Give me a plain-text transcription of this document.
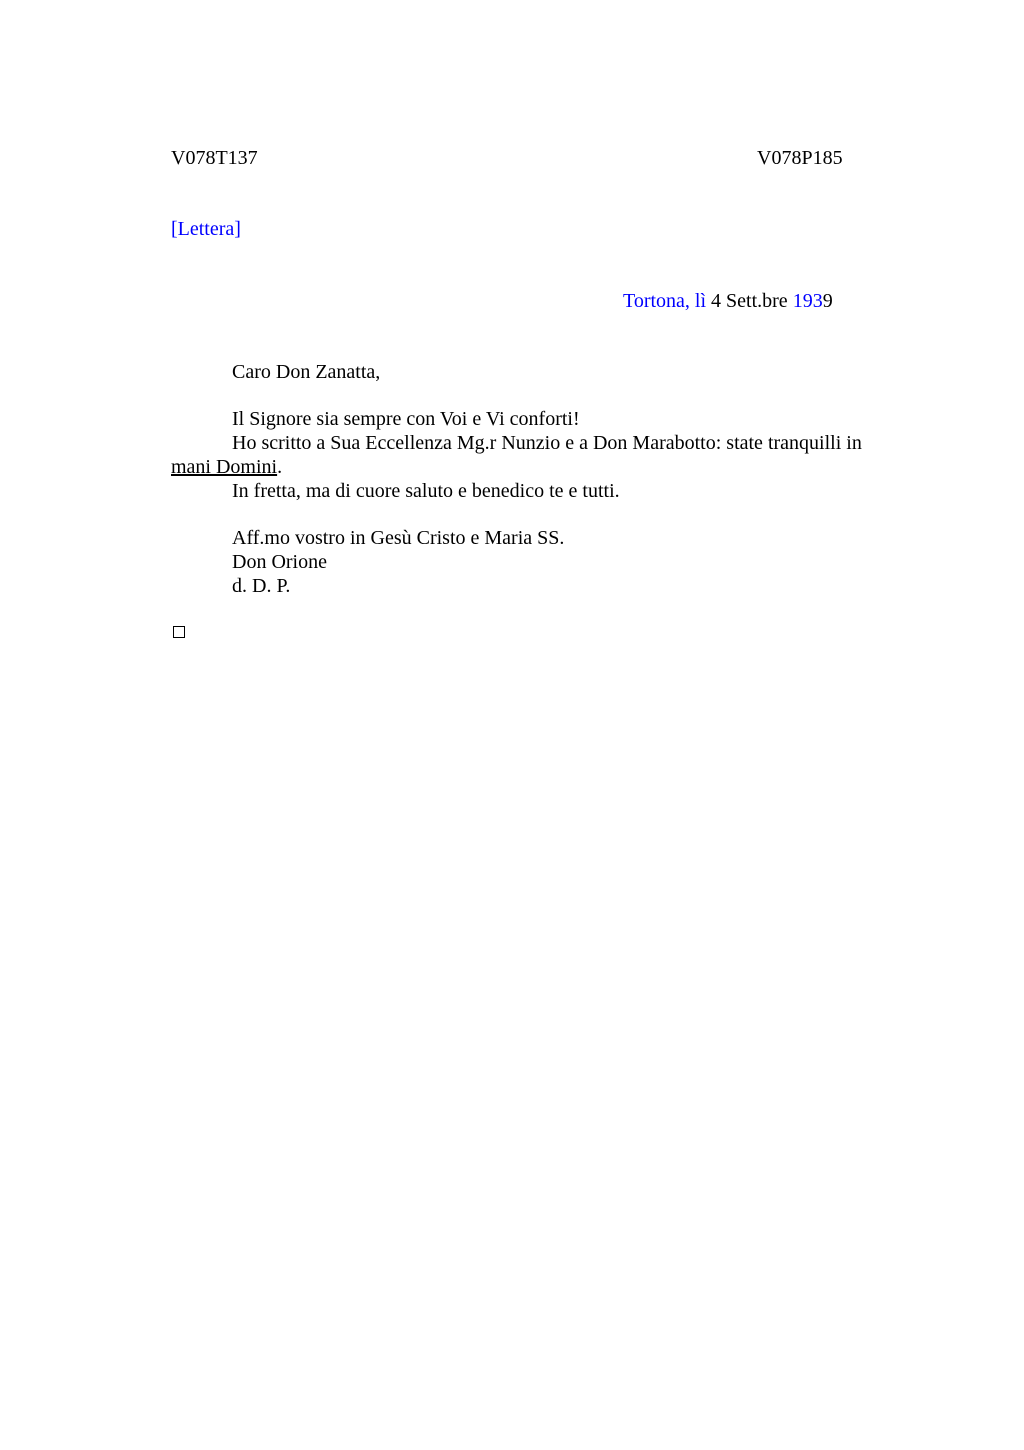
V078T137	V078P185
[Lettera]
Tortona, lì 4 Sett.bre 1939
Caro Don Zanatta,
Il Signore sia sempre con Voi e Vi conforti!
Ho scritto a Sua Eccellenza Mg.r Nunzio e a Don Marabotto: state tranquilli in
mani Domini.
In fretta, ma di cuore saluto e benedico te e tutti.
Aff.mo vostro in Gesù Cristo e Maria SS.
Don Orione
d. D. P.
